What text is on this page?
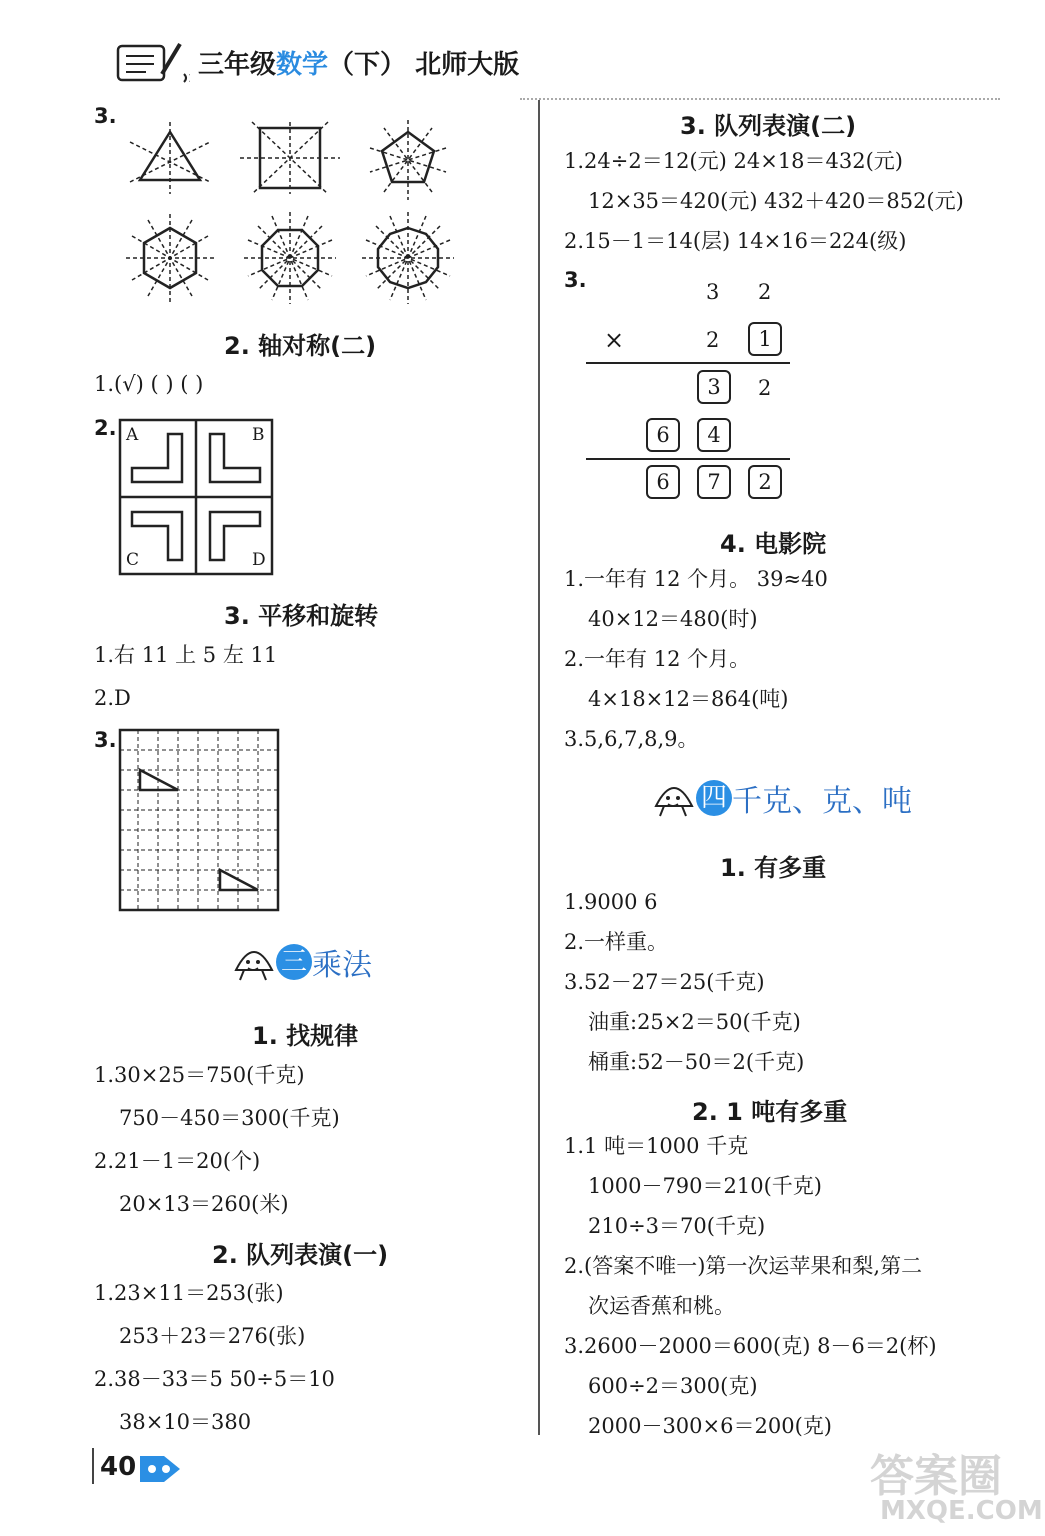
三年级数学（下） 北师大版
3.
2. 轴对称(二)
1.(√) ( ) ( )
2. A	B
C	D
3. 平移和旋转
1.右 11 上 5 左 11
2.D
3.
三 乘法
1. 找规律
1.30×25＝750(千克)
750－450＝300(千克)
2.21－1＝20(个)
20×13＝260(米)
2. 队列表演(一)
1.23×11＝253(张)
253＋23＝276(张)
2.38－33＝5 50÷5＝10
38×10＝380
3. 队列表演(二)
1.24÷2＝12(元) 24×18＝432(元)
12×35＝420(元) 432＋420＝852(元)
2.15－1＝14(层) 14×16＝224(级)
3.	3 2
×	2	1
3	2
6	4
6	7	2
4. 电影院
1.一年有 12 个月。 39≈40
40×12＝480(时)
2.一年有 12 个月。
4×18×12＝864(吨)
3.5,6,7,8,9。
四 千克、克、吨
1. 有多重
1.9000 6
2.一样重。
3.52－27＝25(千克)
油重:25×2＝50(千克)
桶重:52－50＝2(千克)
2. 1 吨有多重
1.1 吨＝1000 千克
1000－790＝210(千克)
210÷3＝70(千克)
2.(答案不唯一)第一次运苹果和梨,第二
次运香蕉和桃。
3.2600－2000＝600(克) 8－6＝2(杯)
600÷2＝300(克)
2000－300×6＝200(克)
40	答案圈
MXQE.COM
